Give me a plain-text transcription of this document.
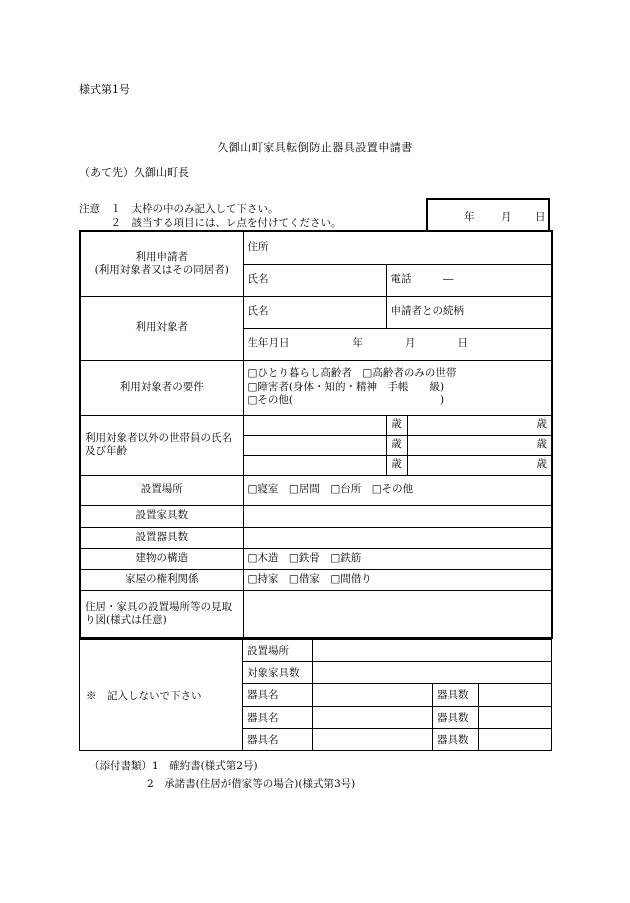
様式第1号
久御山町家具転倒防止器具設置申請書
（あて先）久御山町長
注意　１　太枠の中のみ記入して下さい。
　　　２　該当する項目には、レ点を付けてください。	年	月 日
利用申請者
(利用対象者又はその同居者)	住所		
	氏名	電話　　　―	
利用対象者	氏名	申請者との続柄	
	生年月日　　　　　　年　　　　月　　　　日		
利用対象者の要件	□ひとり暮らし高齢者　□高齢者のみの世帯
□障害者(身体・知的・精神　手帳　　級)
□その他(　　　　　　　　　　　　　　)		

利用対象者以外の世帯員の氏名及び年齢		歳	歳
		歳	歳
		歳	歳
設置場所	□寝室　□居間　□台所　□その他		
設置家具数			
設置器具数			
建物の構造	□木造　□鉄骨　□鉄筋		
家屋の権利関係	□持家　□借家　□間借り		
住居・家具の設置場所等の見取り図(様式は任意)			
※　記入しないで下さい	設置場所			
	対象家具数			
	器具名		器具数	
	器具名		器具数	
	器具名		器具数	
（添付書類）1　確約書(様式第2号)
2　承諾書(住居が借家等の場合)(様式第3号)
